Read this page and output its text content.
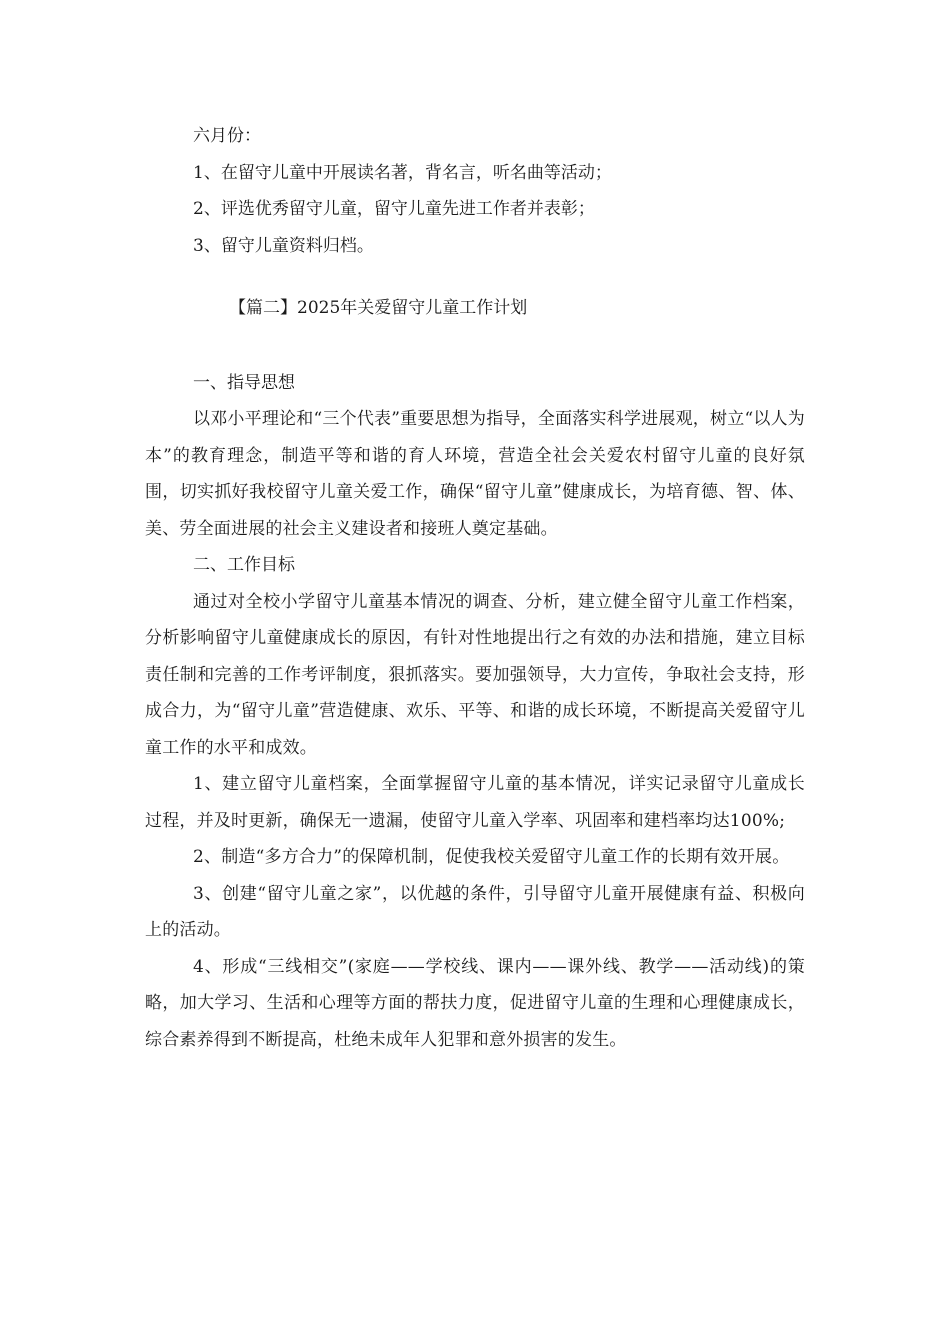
六月份：

1、在留守儿童中开展读名著，背名言，听名曲等活动；

2、评选优秀留守儿童，留守儿童先进工作者并表彰；

3、留守儿童资料归档。

【篇二】2025年关爱留守儿童工作计划

一、指导思想

以邓小平理论和“三个代表”重要思想为指导，全面落实科学进展观，树立“以人为本”的教育理念，制造平等和谐的育人环境，营造全社会关爱农村留守儿童的良好氛围，切实抓好我校留守儿童关爱工作，确保“留守儿童”健康成长，为培育德、智、体、美、劳全面进展的社会主义建设者和接班人奠定基础。

二、工作目标

通过对全校小学留守儿童基本情况的调查、分析，建立健全留守儿童工作档案，分析影响留守儿童健康成长的原因，有针对性地提出行之有效的办法和措施，建立目标责任制和完善的工作考评制度，狠抓落实。要加强领导，大力宣传，争取社会支持，形成合力，为“留守儿童”营造健康、欢乐、平等、和谐的成长环境，不断提高关爱留守儿童工作的水平和成效。

1、建立留守儿童档案，全面掌握留守儿童的基本情况，详实记录留守儿童成长过程，并及时更新，确保无一遗漏，使留守儿童入学率、巩固率和建档率均达100%;

2、制造“多方合力”的保障机制，促使我校关爱留守儿童工作的长期有效开展。

3、创建“留守儿童之家”，以优越的条件，引导留守儿童开展健康有益、积极向上的活动。

4、形成“三线相交”(家庭——学校线、课内——课外线、教学——活动线)的策略，加大学习、生活和心理等方面的帮扶力度，促进留守儿童的生理和心理健康成长，综合素养得到不断提高，杜绝未成年人犯罪和意外损害的发生。
